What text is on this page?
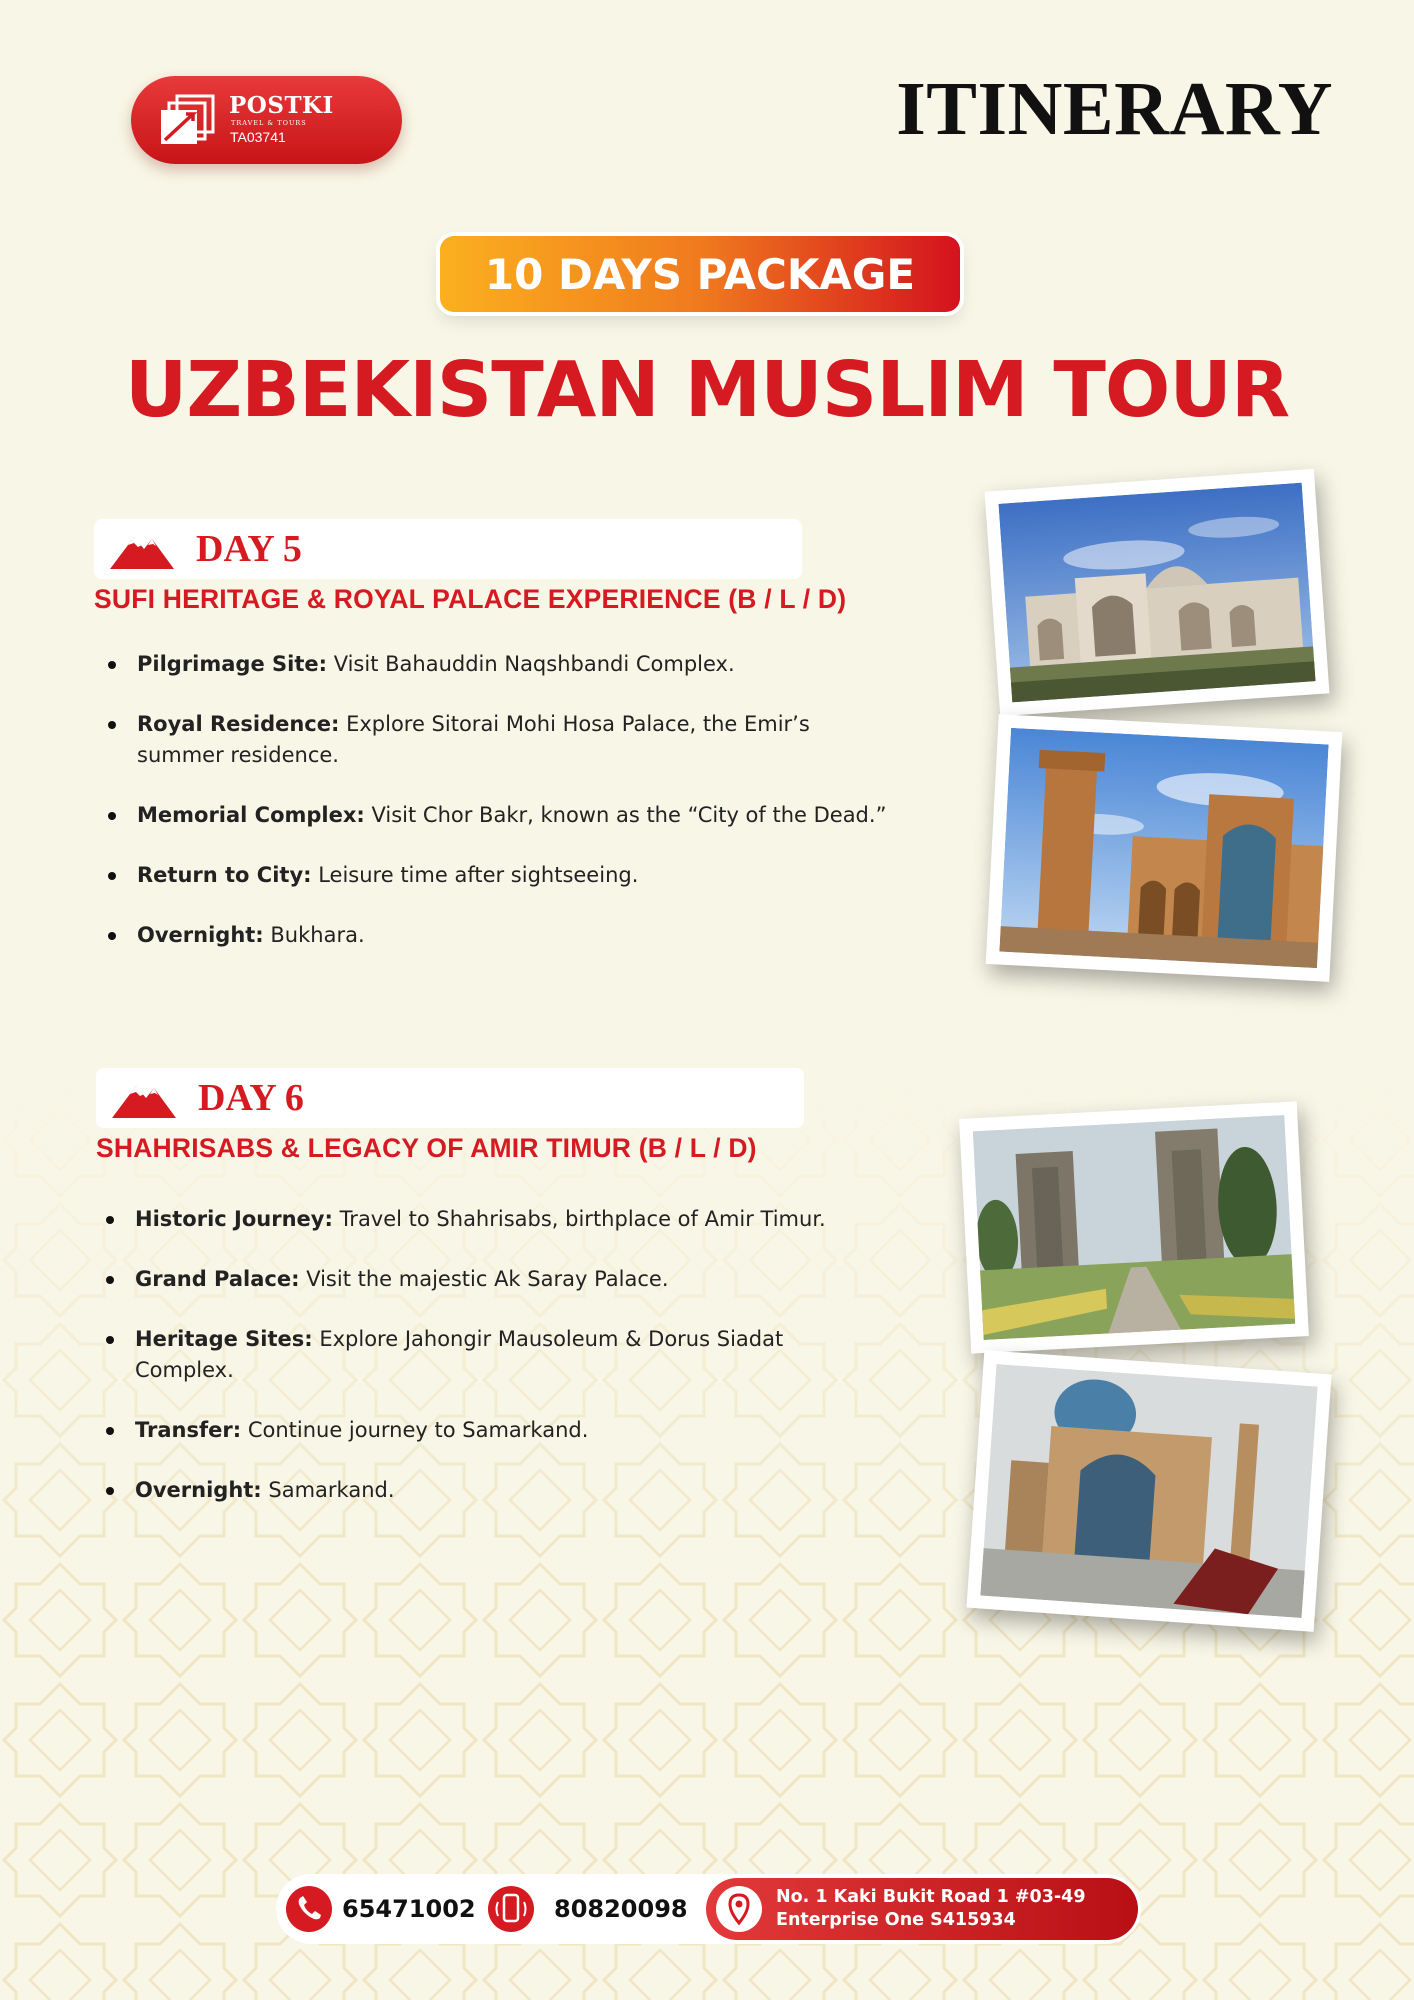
POSTKI
TRAVEL & TOURS
TA03741	ITINERARY
10 DAYS PACKAGE
UZBEKISTAN MUSLIM TOUR
DAY 5
SUFI HERITAGE & ROYAL PALACE EXPERIENCE (B / L / D)
Pilgrimage Site: Visit Bahauddin Naqshbandi Complex.
Royal Residence: Explore Sitorai Mohi Hosa Palace, the Emir’s summer residence.
Memorial Complex: Visit Chor Bakr, known as the “City of the Dead.”
Return to City: Leisure time after sightseeing.
Overnight: Bukhara.
DAY 6
SHAHRISABS & LEGACY OF AMIR TIMUR (B / L / D)
Historic Journey: Travel to Shahrisabs, birthplace of Amir Timur.
Grand Palace: Visit the majestic Ak Saray Palace.
Heritage Sites: Explore Jahongir Mausoleum & Dorus Siadat Complex.
Transfer: Continue journey to Samarkand.
Overnight: Samarkand.
65471002	80820098	No. 1 Kaki Bukit Road 1 #03-49
Enterprise One S415934
